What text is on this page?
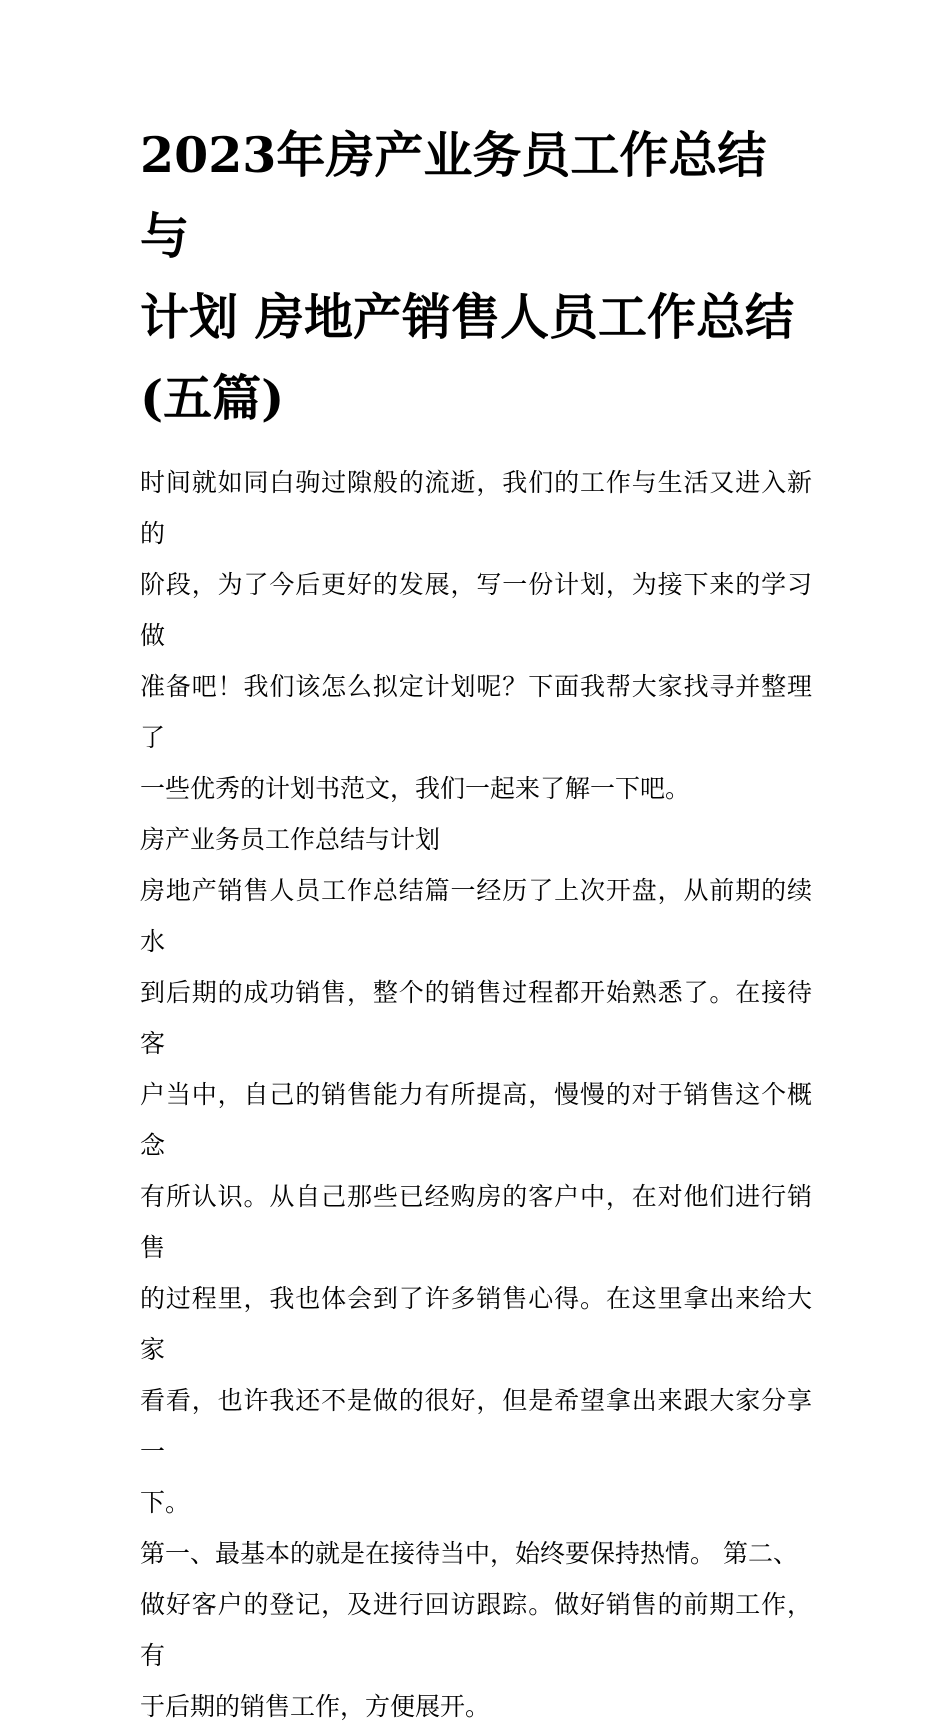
2023年房产业务员工作总结与
计划 房地产销售人员工作总结
(五篇)
时间就如同白驹过隙般的流逝，我们的工作与生活又进入新的
阶段，为了今后更好的发展，写一份计划，为接下来的学习做
准备吧！我们该怎么拟定计划呢？下面我帮大家找寻并整理了
一些优秀的计划书范文，我们一起来了解一下吧。
房产业务员工作总结与计划
房地产销售人员工作总结篇一经历了上次开盘，从前期的续水
到后期的成功销售，整个的销售过程都开始熟悉了。在接待客
户当中，自己的销售能力有所提高，慢慢的对于销售这个概念
有所认识。从自己那些已经购房的客户中，在对他们进行销售
的过程里，我也体会到了许多销售心得。在这里拿出来给大家
看看，也许我还不是做的很好，但是希望拿出来跟大家分享一
下。
第一、最基本的就是在接待当中，始终要保持热情。 第二、
做好客户的登记，及进行回访跟踪。做好销售的前期工作，有
于后期的销售工作，方便展开。
